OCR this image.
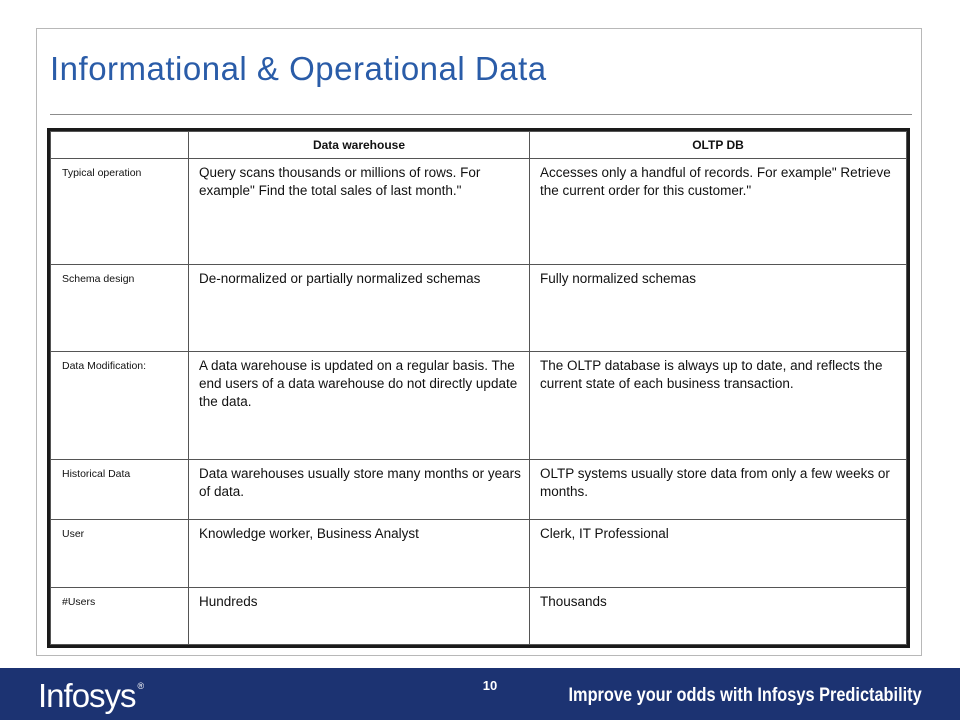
Informational & Operational Data
	Data warehouse	OLTP DB
Typical operation	Query scans thousands or millions of rows. For example" Find the total sales of last month."	Accesses only a handful of records. For example" Retrieve the current order for this customer."
Schema design	De-normalized or partially normalized schemas	Fully normalized schemas
Data Modification:	A data warehouse is updated on a regular basis. The end users of a data warehouse do not directly update the data.	The OLTP database is always up to date, and reflects the current state of each business transaction.
Historical Data	Data warehouses usually store many months or years of data.	OLTP systems usually store data from only a few weeks or months.
User	Knowledge worker, Business Analyst	Clerk, IT Professional
#Users	Hundreds	Thousands
Infosys ®	10	Improve your odds with Infosys Predictability
